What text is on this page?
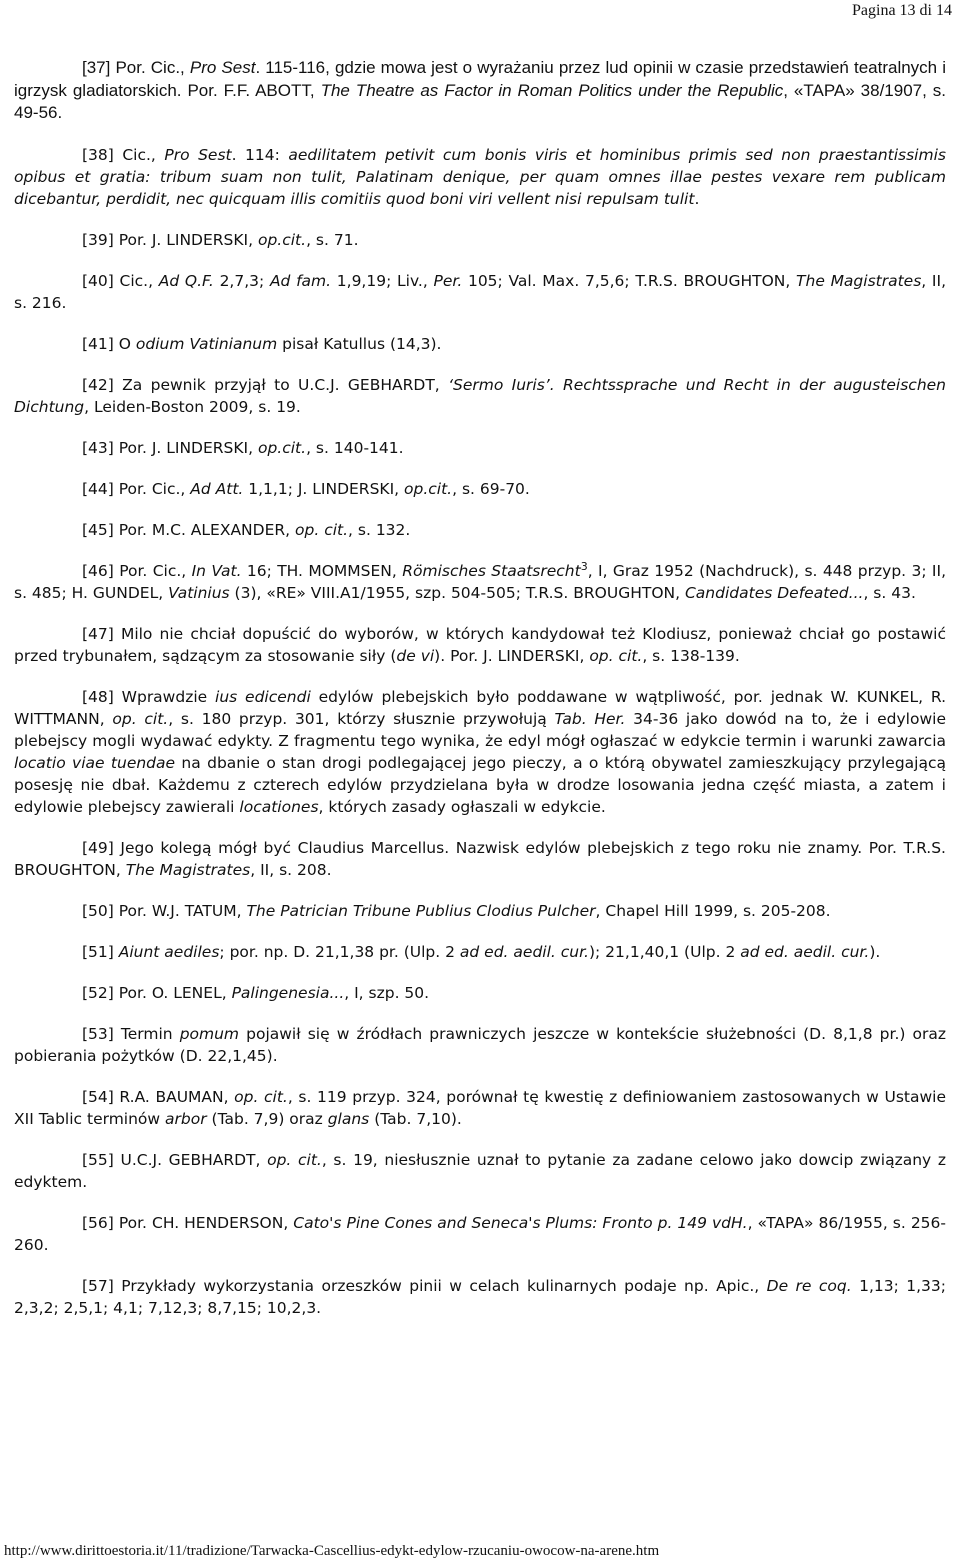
Pagina 13 di 14

[37] Por. Cic., Pro Sest. 115-116, gdzie mowa jest o wyrażaniu przez lud opinii w czasie przedstawień teatralnych i igrzysk gladiatorskich. Por. F.F. ABOTT, The Theatre as Factor in Roman Politics under the Republic, «TAPA» 38/1907, s. 49-56.

[38] Cic., Pro Sest. 114: aedilitatem petivit cum bonis viris et hominibus primis sed non praestantissimis opibus et gratia: tribum suam non tulit, Palatinam denique, per quam omnes illae pestes vexare rem publicam dicebantur, perdidit, nec quicquam illis comitiis quod boni viri vellent nisi repulsam tulit.

[39] Por. J. LINDERSKI, op.cit., s. 71.

[40] Cic., Ad Q.F. 2,7,3; Ad fam. 1,9,19; Liv., Per. 105; Val. Max. 7,5,6; T.R.S. BROUGHTON, The Magistrates, II, s. 216.

[41] O odium Vatinianum pisał Katullus (14,3).

[42] Za pewnik przyjął to U.C.J. GEBHARDT, ‘Sermo Iuris’. Rechtssprache und Recht in der augusteischen Dichtung, Leiden-Boston 2009, s. 19.

[43] Por. J. LINDERSKI, op.cit., s. 140-141.

[44] Por. Cic., Ad Att. 1,1,1; J. LINDERSKI, op.cit., s. 69-70.

[45] Por. M.C. ALEXANDER, op. cit., s. 132.

[46] Por. Cic., In Vat. 16; TH. MOMMSEN, Römisches Staatsrecht$^3$, I, Graz 1952 (Nachdruck), s. 448 przyp. 3; II, s. 485; H. GUNDEL, Vatinius (3), «RE» VIII.A1/1955, szp. 504-505; T.R.S. BROUGHTON, Candidates Defeated..., s. 43.

[47] Milo nie chciał dopuścić do wyborów, w których kandydował też Klodiusz, ponieważ chciał go postawić przed trybunałem, sądzącym za stosowanie siły (de vi). Por. J. LINDERSKI, op. cit., s. 138-139.

[48] Wprawdzie ius edicendi edylów plebejskich było poddawane w wątpliwość, por. jednak W. KUNKEL, R. WITTMANN, op. cit., s. 180 przyp. 301, którzy słusznie przywołują Tab. Her. 34-36 jako dowód na to, że i edylowie plebejscy mogli wydawać edykty. Z fragmentu tego wynika, że edyl mógł ogłaszać w edykcie termin i warunki zawarcia locatio viae tuendae na dbanie o stan drogi podlegającej jego pieczy, a o którą obywatel zamieszkujący przylegającą posesję nie dbał. Każdemu z czterech edylów przydzielana była w drodze losowania jedna część miasta, a zatem i edylowie plebejscy zawierali locationes, których zasady ogłaszali w edykcie.

[49] Jego kolegą mógł być Claudius Marcellus. Nazwisk edylów plebejskich z tego roku nie znamy. Por. T.R.S. BROUGHTON, The Magistrates, II, s. 208.

[50] Por. W.J. TATUM, The Patrician Tribune Publius Clodius Pulcher, Chapel Hill 1999, s. 205-208.

[51] Aiunt aediles; por. np. D. 21,1,38 pr. (Ulp. 2 ad ed. aedil. cur.); 21,1,40,1 (Ulp. 2 ad ed. aedil. cur.).

[52] Por. O. LENEL, Palingenesia..., I, szp. 50.

[53] Termin pomum pojawił się w źródłach prawniczych jeszcze w kontekście służebności (D. 8,1,8 pr.) oraz pobierania pożytków (D. 22,1,45).

[54] R.A. BAUMAN, op. cit., s. 119 przyp. 324, porównał tę kwestię z definiowaniem zastosowanych w Ustawie XII Tablic terminów arbor (Tab. 7,9) oraz glans (Tab. 7,10).

[55] U.C.J. GEBHARDT, op. cit., s. 19, niesłusznie uznał to pytanie za zadane celowo jako dowcip związany z edyktem.

[56] Por. CH. HENDERSON, Cato's Pine Cones and Seneca's Plums: Fronto p. 149 vdH., «TAPA» 86/1955, s. 256-260.

[57] Przykłady wykorzystania orzeszków pinii w celach kulinarnych podaje np. Apic., De re coq. 1,13; 1,33; 2,3,2; 2,5,1; 4,1; 7,12,3; 8,7,15; 10,2,3.

http://www.dirittoestoria.it/11/tradizione/Tarwacka-Cascellius-edykt-edylow-rzucaniu-owocow-na-arene.htm
